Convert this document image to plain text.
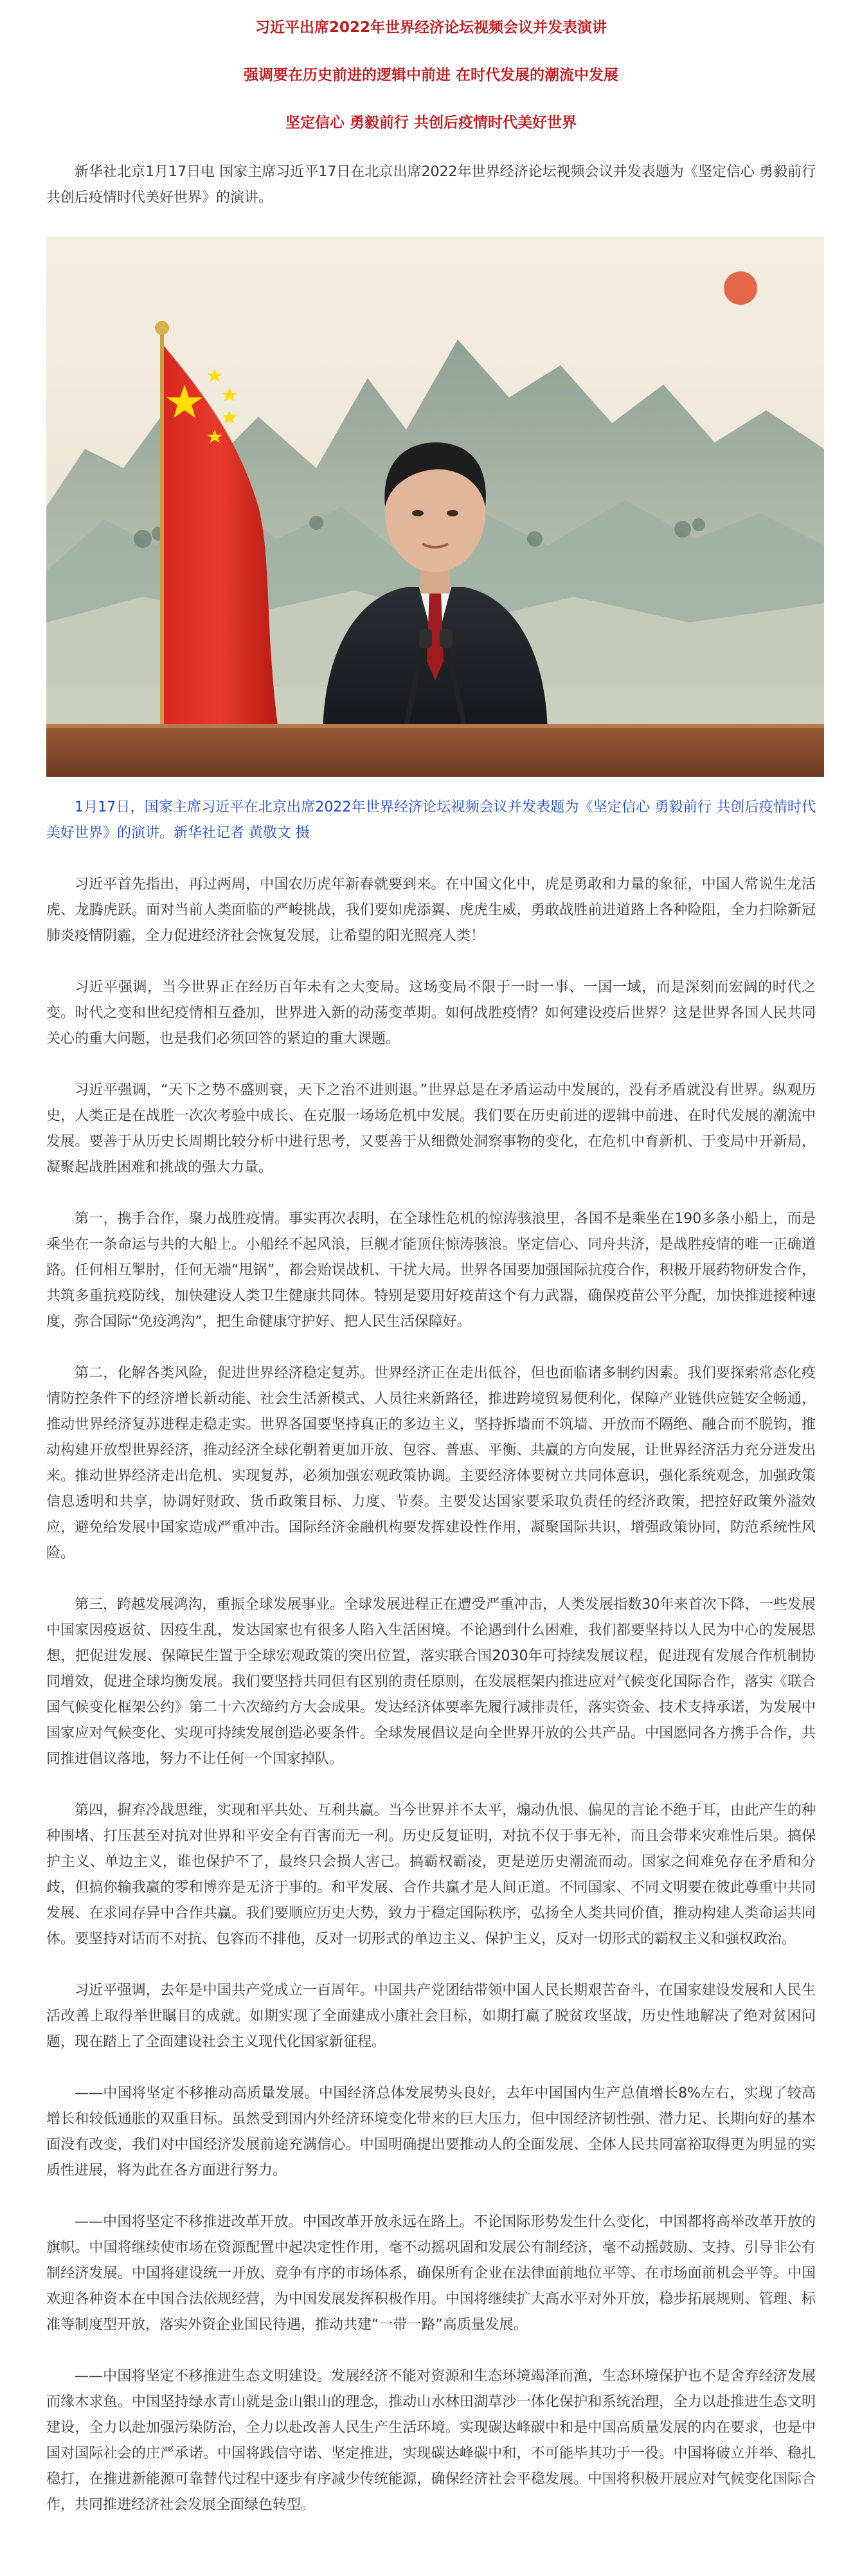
习近平出席2022年世界经济论坛视频会议并发表演讲
强调要在历史前进的逻辑中前进 在时代发展的潮流中发展
坚定信心 勇毅前行 共创后疫情时代美好世界

新华社北京1月17日电 国家主席习近平17日在北京出席2022年世界经济论坛视频会议并发表题为《坚定信心 勇毅前行 共创后疫情时代美好世界》的演讲。

1月17日，国家主席习近平在北京出席2022年世界经济论坛视频会议并发表题为《坚定信心 勇毅前行 共创后疫情时代美好世界》的演讲。新华社记者 黄敬文 摄

习近平首先指出，再过两周，中国农历虎年新春就要到来。在中国文化中，虎是勇敢和力量的象征，中国人常说生龙活虎、龙腾虎跃。面对当前人类面临的严峻挑战，我们要如虎添翼、虎虎生威，勇敢战胜前进道路上各种险阻，全力扫除新冠肺炎疫情阴霾，全力促进经济社会恢复发展，让希望的阳光照亮人类！

习近平强调，当今世界正在经历百年未有之大变局。这场变局不限于一时一事、一国一域，而是深刻而宏阔的时代之变。时代之变和世纪疫情相互叠加，世界进入新的动荡变革期。如何战胜疫情？如何建设疫后世界？这是世界各国人民共同关心的重大问题，也是我们必须回答的紧迫的重大课题。

习近平强调，“天下之势不盛则衰，天下之治不进则退。”世界总是在矛盾运动中发展的，没有矛盾就没有世界。纵观历史，人类正是在战胜一次次考验中成长、在克服一场场危机中发展。我们要在历史前进的逻辑中前进、在时代发展的潮流中发展。要善于从历史长周期比较分析中进行思考，又要善于从细微处洞察事物的变化，在危机中育新机、于变局中开新局，凝聚起战胜困难和挑战的强大力量。

第一，携手合作，聚力战胜疫情。事实再次表明，在全球性危机的惊涛骇浪里，各国不是乘坐在190多条小船上，而是乘坐在一条命运与共的大船上。小船经不起风浪，巨舰才能顶住惊涛骇浪。坚定信心、同舟共济，是战胜疫情的唯一正确道路。任何相互掣肘，任何无端“甩锅”，都会贻误战机、干扰大局。世界各国要加强国际抗疫合作，积极开展药物研发合作，共筑多重抗疫防线，加快建设人类卫生健康共同体。特别是要用好疫苗这个有力武器，确保疫苗公平分配，加快推进接种速度，弥合国际“免疫鸿沟”，把生命健康守护好、把人民生活保障好。

第二，化解各类风险，促进世界经济稳定复苏。世界经济正在走出低谷，但也面临诸多制约因素。我们要探索常态化疫情防控条件下的经济增长新动能、社会生活新模式、人员往来新路径，推进跨境贸易便利化，保障产业链供应链安全畅通，推动世界经济复苏进程走稳走实。世界各国要坚持真正的多边主义，坚持拆墙而不筑墙、开放而不隔绝、融合而不脱钩，推动构建开放型世界经济，推动经济全球化朝着更加开放、包容、普惠、平衡、共赢的方向发展，让世界经济活力充分迸发出来。推动世界经济走出危机、实现复苏，必须加强宏观政策协调。主要经济体要树立共同体意识，强化系统观念，加强政策信息透明和共享，协调好财政、货币政策目标、力度、节奏。主要发达国家要采取负责任的经济政策，把控好政策外溢效应，避免给发展中国家造成严重冲击。国际经济金融机构要发挥建设性作用，凝聚国际共识，增强政策协同，防范系统性风险。

第三，跨越发展鸿沟，重振全球发展事业。全球发展进程正在遭受严重冲击，人类发展指数30年来首次下降，一些发展中国家因疫返贫、因疫生乱，发达国家也有很多人陷入生活困境。不论遇到什么困难，我们都要坚持以人民为中心的发展思想，把促进发展、保障民生置于全球宏观政策的突出位置，落实联合国2030年可持续发展议程，促进现有发展合作机制协同增效，促进全球均衡发展。我们要坚持共同但有区别的责任原则，在发展框架内推进应对气候变化国际合作，落实《联合国气候变化框架公约》第二十六次缔约方大会成果。发达经济体要率先履行减排责任，落实资金、技术支持承诺，为发展中国家应对气候变化、实现可持续发展创造必要条件。全球发展倡议是向全世界开放的公共产品。中国愿同各方携手合作，共同推进倡议落地，努力不让任何一个国家掉队。

第四，摒弃冷战思维，实现和平共处、互利共赢。当今世界并不太平，煽动仇恨、偏见的言论不绝于耳，由此产生的种种围堵、打压甚至对抗对世界和平安全有百害而无一利。历史反复证明，对抗不仅于事无补，而且会带来灾难性后果。搞保护主义、单边主义，谁也保护不了，最终只会损人害己。搞霸权霸凌，更是逆历史潮流而动。国家之间难免存在矛盾和分歧，但搞你输我赢的零和博弈是无济于事的。和平发展、合作共赢才是人间正道。不同国家、不同文明要在彼此尊重中共同发展、在求同存异中合作共赢。我们要顺应历史大势，致力于稳定国际秩序，弘扬全人类共同价值，推动构建人类命运共同体。要坚持对话而不对抗、包容而不排他，反对一切形式的单边主义、保护主义，反对一切形式的霸权主义和强权政治。

习近平强调，去年是中国共产党成立一百周年。中国共产党团结带领中国人民长期艰苦奋斗，在国家建设发展和人民生活改善上取得举世瞩目的成就。如期实现了全面建成小康社会目标，如期打赢了脱贫攻坚战，历史性地解决了绝对贫困问题，现在踏上了全面建设社会主义现代化国家新征程。

——中国将坚定不移推动高质量发展。中国经济总体发展势头良好，去年中国国内生产总值增长8%左右，实现了较高增长和较低通胀的双重目标。虽然受到国内外经济环境变化带来的巨大压力，但中国经济韧性强、潜力足、长期向好的基本面没有改变，我们对中国经济发展前途充满信心。中国明确提出要推动人的全面发展、全体人民共同富裕取得更为明显的实质性进展，将为此在各方面进行努力。

——中国将坚定不移推进改革开放。中国改革开放永远在路上。不论国际形势发生什么变化，中国都将高举改革开放的旗帜。中国将继续使市场在资源配置中起决定性作用，毫不动摇巩固和发展公有制经济，毫不动摇鼓励、支持、引导非公有制经济发展。中国将建设统一开放、竞争有序的市场体系，确保所有企业在法律面前地位平等、在市场面前机会平等。中国欢迎各种资本在中国合法依规经营，为中国发展发挥积极作用。中国将继续扩大高水平对外开放，稳步拓展规则、管理、标准等制度型开放，落实外资企业国民待遇，推动共建“一带一路”高质量发展。

——中国将坚定不移推进生态文明建设。发展经济不能对资源和生态环境竭泽而渔，生态环境保护也不是舍弃经济发展而缘木求鱼。中国坚持绿水青山就是金山银山的理念，推动山水林田湖草沙一体化保护和系统治理，全力以赴推进生态文明建设，全力以赴加强污染防治，全力以赴改善人民生产生活环境。实现碳达峰碳中和是中国高质量发展的内在要求，也是中国对国际社会的庄严承诺。中国将践信守诺、坚定推进，实现碳达峰碳中和，不可能毕其功于一役。中国将破立并举、稳扎稳打，在推进新能源可靠替代过程中逐步有序减少传统能源，确保经济社会平稳发展。中国将积极开展应对气候变化国际合作，共同推进经济社会发展全面绿色转型。
